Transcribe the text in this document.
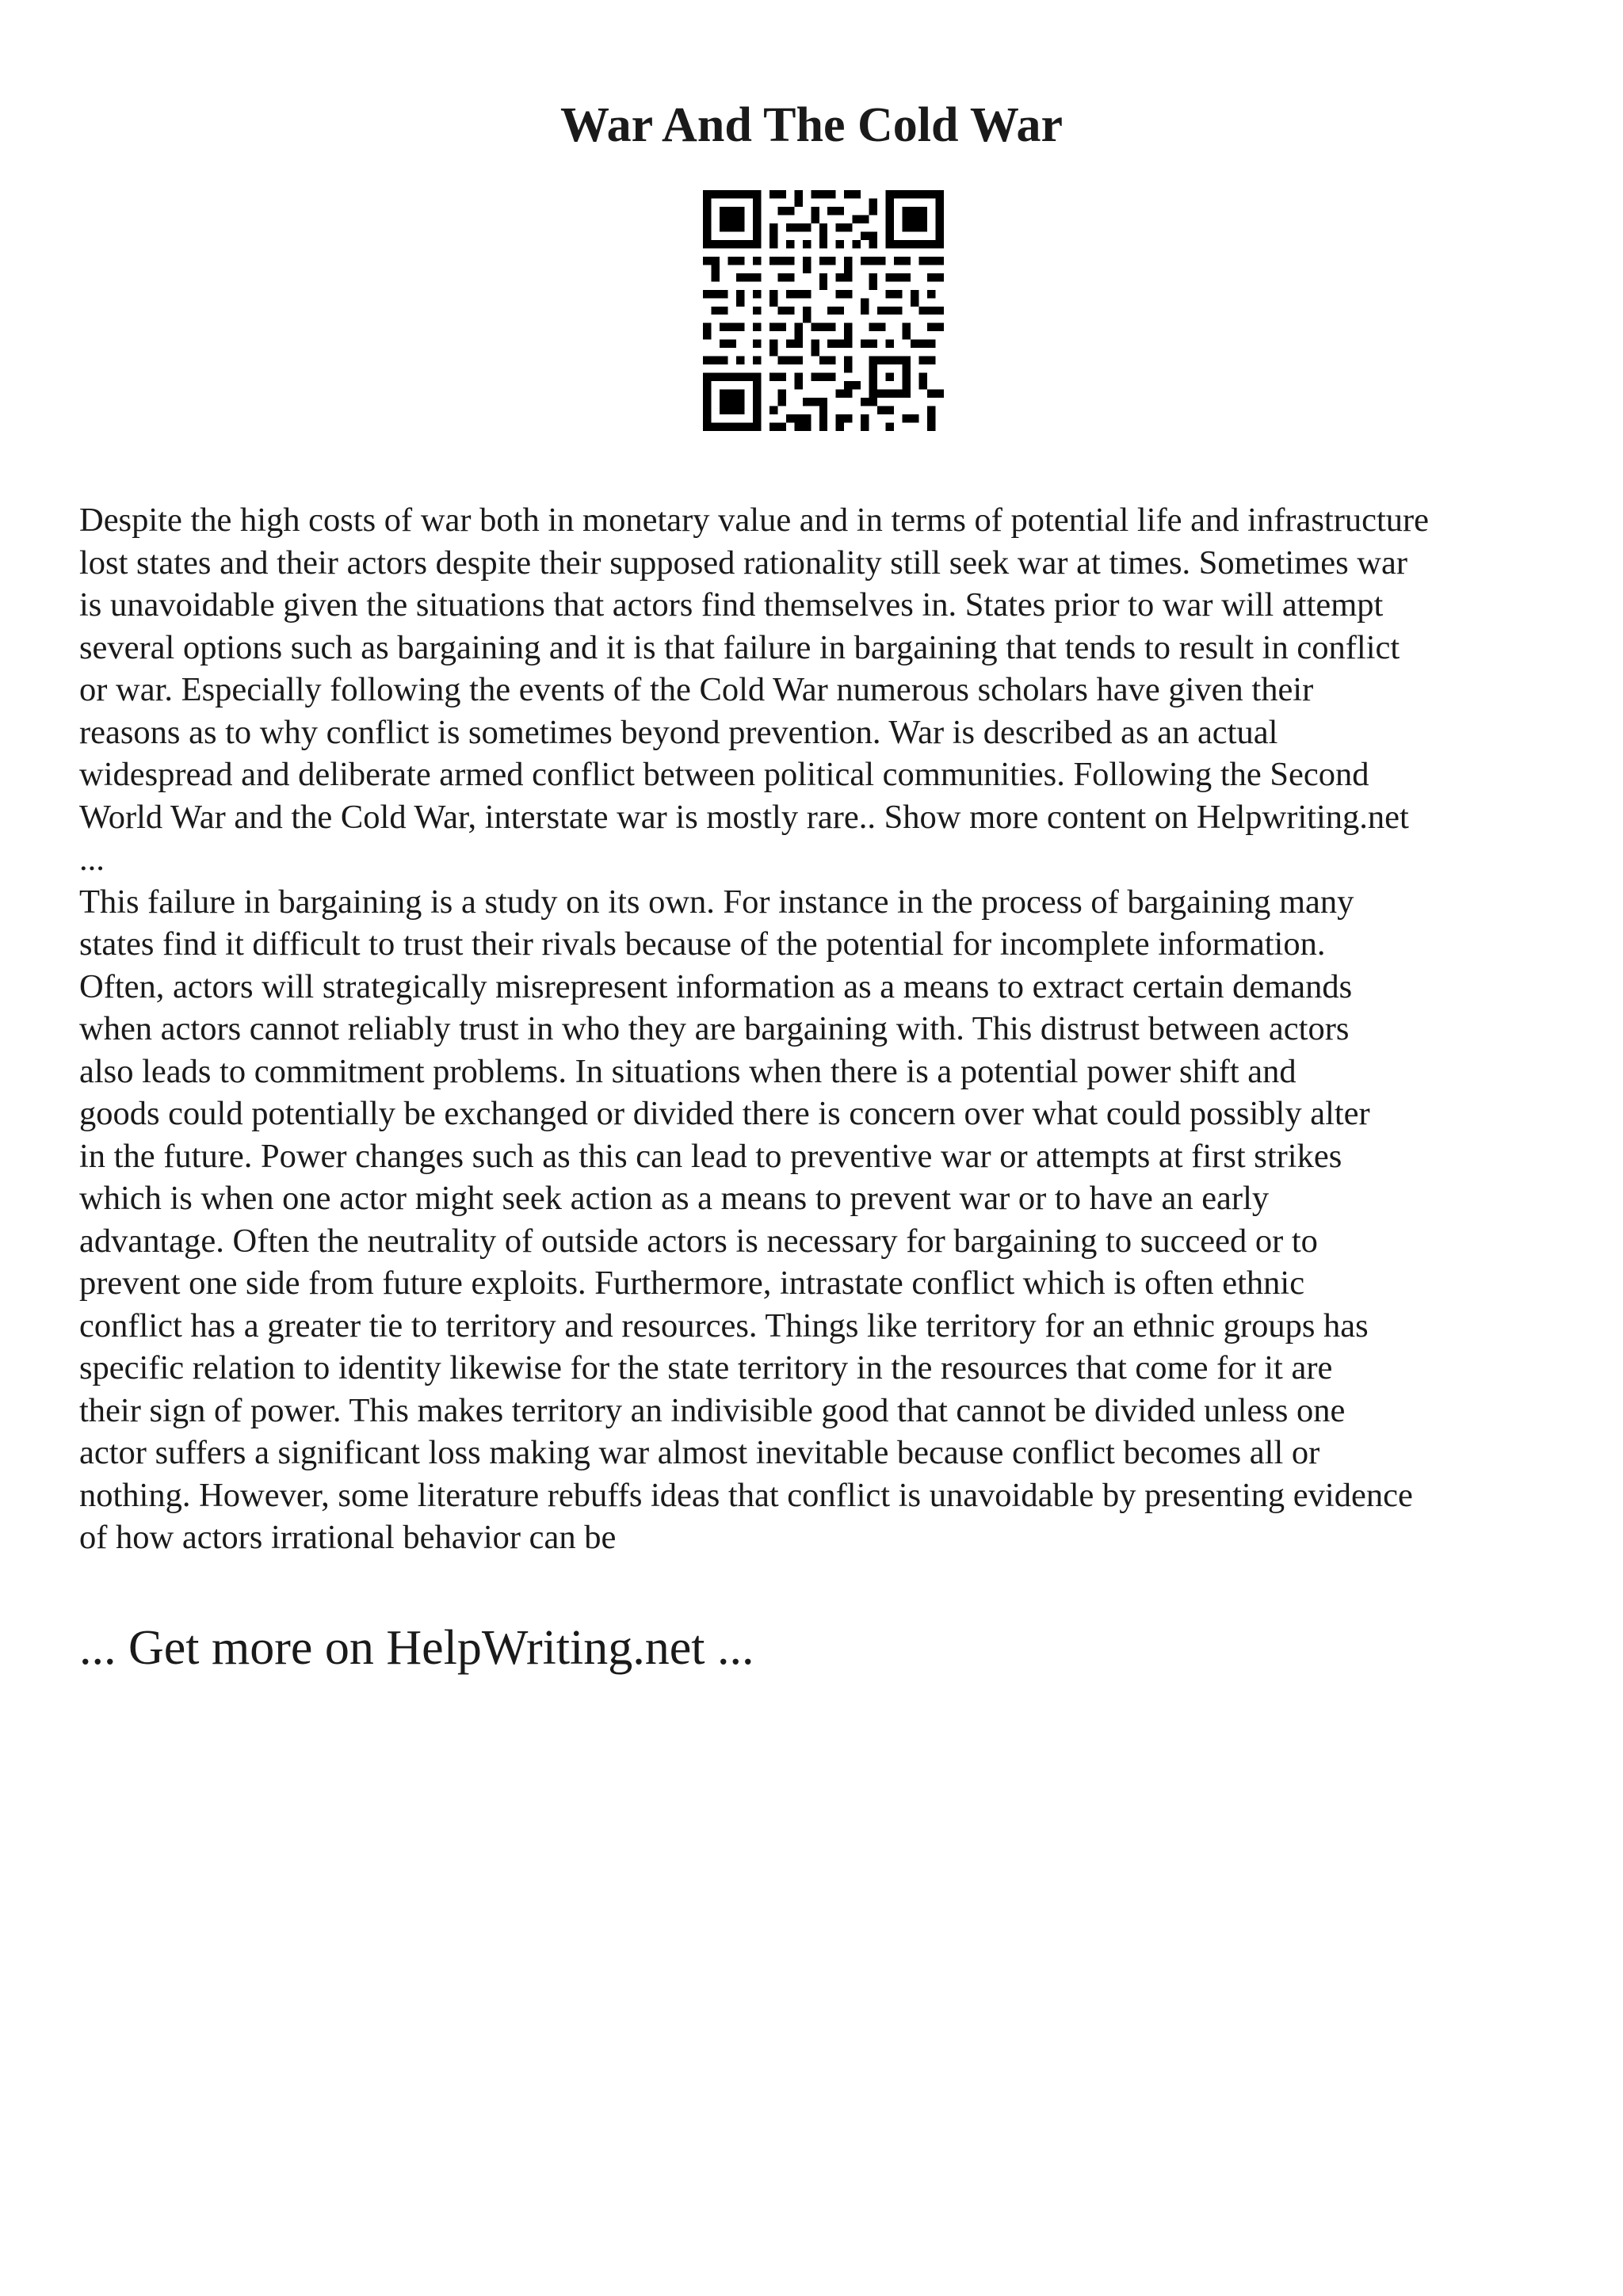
War And The Cold War

Despite the high costs of war both in monetary value and in terms of potential life and infrastructure
lost states and their actors despite their supposed rationality still seek war at times. Sometimes war
is unavoidable given the situations that actors find themselves in. States prior to war will attempt
several options such as bargaining and it is that failure in bargaining that tends to result in conflict
or war. Especially following the events of the Cold War numerous scholars have given their
reasons as to why conflict is sometimes beyond prevention. War is described as an actual
widespread and deliberate armed conflict between political communities. Following the Second
World War and the Cold War, interstate war is mostly rare.. Show more content on Helpwriting.net
...

This failure in bargaining is a study on its own. For instance in the process of bargaining many
states find it difficult to trust their rivals because of the potential for incomplete information.
Often, actors will strategically misrepresent information as a means to extract certain demands
when actors cannot reliably trust in who they are bargaining with. This distrust between actors
also leads to commitment problems. In situations when there is a potential power shift and
goods could potentially be exchanged or divided there is concern over what could possibly alter
in the future. Power changes such as this can lead to preventive war or attempts at first strikes
which is when one actor might seek action as a means to prevent war or to have an early
advantage. Often the neutrality of outside actors is necessary for bargaining to succeed or to
prevent one side from future exploits. Furthermore, intrastate conflict which is often ethnic
conflict has a greater tie to territory and resources. Things like territory for an ethnic groups has
specific relation to identity likewise for the state territory in the resources that come for it are
their sign of power. This makes territory an indivisible good that cannot be divided unless one
actor suffers a significant loss making war almost inevitable because conflict becomes all or
nothing. However, some literature rebuffs ideas that conflict is unavoidable by presenting evidence
of how actors irrational behavior can be

... Get more on HelpWriting.net ...
